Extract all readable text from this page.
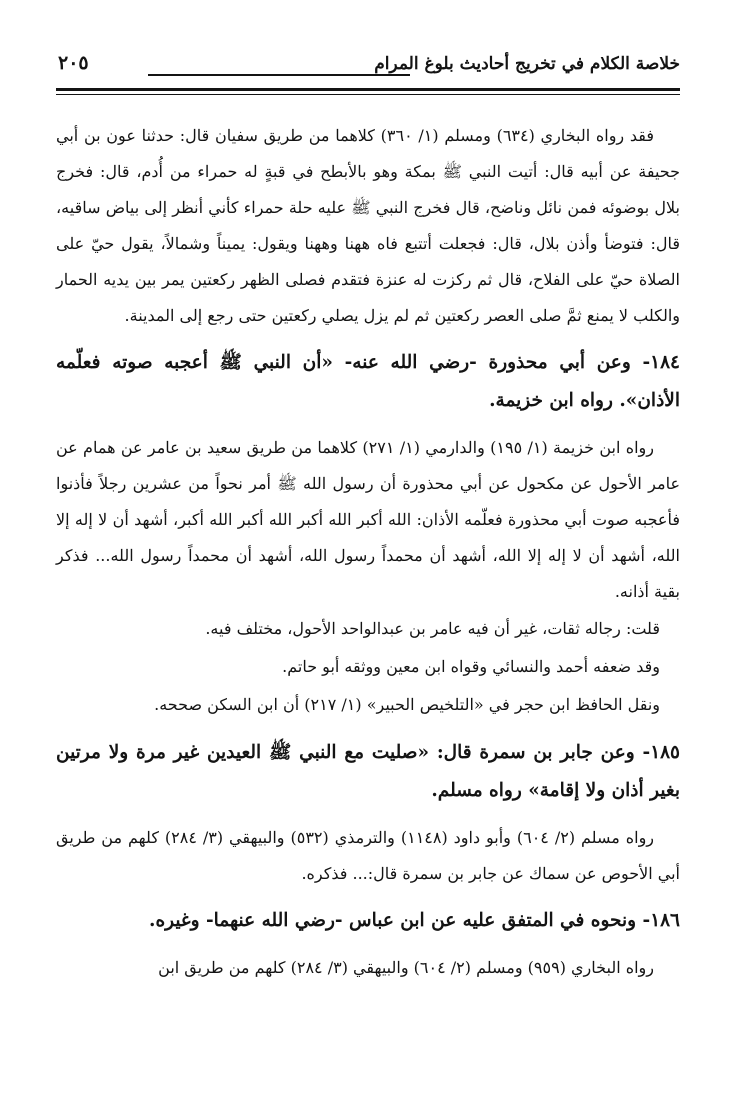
خلاصة الكلام في تخريج أحاديث بلوغ المرام
٢٠٥

فقد رواه البخاري (٦٣٤) ومسلم (١/ ٣٦٠) كلاهما من طريق سفيان قال: حدثنا عون بن أبي جحيفة عن أبيه قال: أتيت النبي ﷺ بمكة وهو بالأبطح في قبةٍ له حمراء من أُدم، قال: فخرج بلال بوضوئه فمن نائل وناضح، قال فخرج النبي ﷺ عليه حلة حمراء كأني أنظر إلى بياض ساقيه، قال: فتوضأ وأذن بلال، قال: فجعلت أتتبع فاه ههنا وههنا ويقول: يميناً وشمالاً، يقول حيّ على الصلاة حيّ على الفلاح، قال ثم ركزت له عنزة فتقدم فصلى الظهر ركعتين يمر بين يديه الحمار والكلب لا يمنع ثمَّ صلى العصر ركعتين ثم لم يزل يصلي ركعتين حتى رجع إلى المدينة.

١٨٤- وعن أبي محذورة -رضي الله عنه- «أن النبي ﷺ أعجبه صوته فعلّمه الأذان». رواه ابن خزيمة.

رواه ابن خزيمة (١/ ١٩٥) والدارمي (١/ ٢٧١) كلاهما من طريق سعيد بن عامر عن همام عن عامر الأحول عن مكحول عن أبي محذورة أن رسول الله ﷺ أمر نحواً من عشرين رجلاً فأذنوا فأعجبه صوت أبي محذورة فعلّمه الأذان: الله أكبر الله أكبر الله أكبر الله أكبر، أشهد أن لا إله إلا الله، أشهد أن لا إله إلا الله، أشهد أن محمداً رسول الله، أشهد أن محمداً رسول الله... فذكر بقية أذانه.

قلت: رجاله ثقات، غير أن فيه عامر بن عبدالواحد الأحول، مختلف فيه.

وقد ضعفه أحمد والنسائي وقواه ابن معين ووثقه أبو حاتم.

ونقل الحافظ ابن حجر في «التلخيص الحبير» (١/ ٢١٧) أن ابن السكن صححه.

١٨٥- وعن جابر بن سمرة قال: «صليت مع النبي ﷺ العيدين غير مرة ولا مرتين بغير أذان ولا إقامة» رواه مسلم.

رواه مسلم (٢/ ٦٠٤) وأبو داود (١١٤٨) والترمذي (٥٣٢) والبيهقي (٣/ ٢٨٤) كلهم من طريق أبي الأحوص عن سماك عن جابر بن سمرة قال:... فذكره.

١٨٦- ونحوه في المتفق عليه عن ابن عباس -رضي الله عنهما- وغيره.

رواه البخاري (٩٥٩) ومسلم (٢/ ٦٠٤) والبيهقي (٣/ ٢٨٤) كلهم من طريق ابن
